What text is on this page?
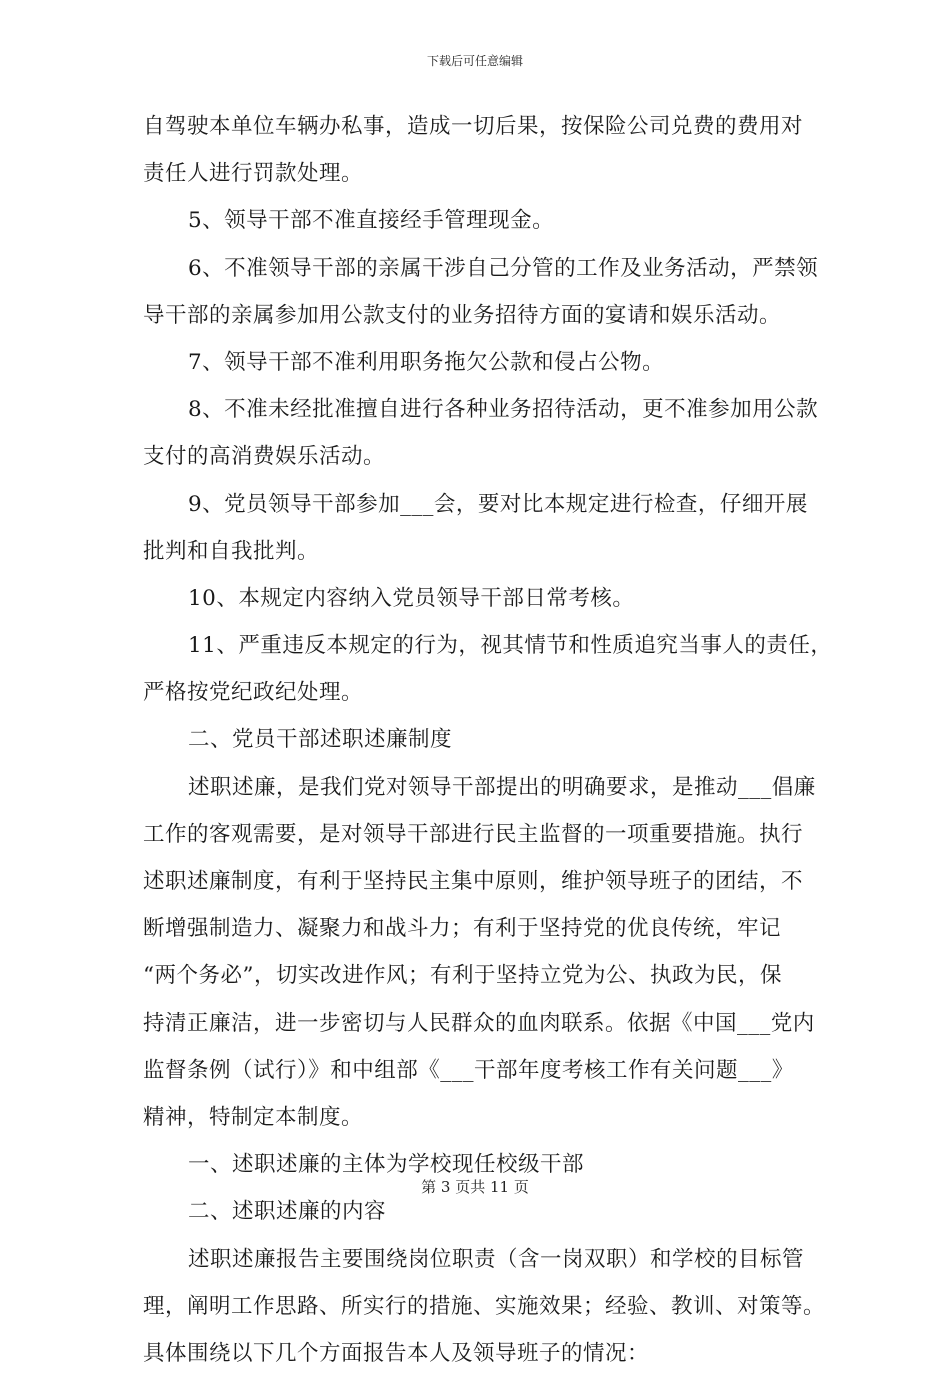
下载后可任意编辑
自驾驶本单位车辆办私事，造成一切后果，按保险公司兑费的费用对
责任人进行罚款处理。
5、领导干部不准直接经手管理现金。
6、不准领导干部的亲属干涉自己分管的工作及业务活动，严禁领
导干部的亲属参加用公款支付的业务招待方面的宴请和娱乐活动。
7、领导干部不准利用职务拖欠公款和侵占公物。
8、不准未经批准擅自进行各种业务招待活动，更不准参加用公款
支付的高消费娱乐活动。
9、党员领导干部参加___会，要对比本规定进行检查，仔细开展
批判和自我批判。
10、本规定内容纳入党员领导干部日常考核。
11、严重违反本规定的行为，视其情节和性质追究当事人的责任，
严格按党纪政纪处理。
二、党员干部述职述廉制度
述职述廉，是我们党对领导干部提出的明确要求，是推动___倡廉
工作的客观需要，是对领导干部进行民主监督的一项重要措施。执行
述职述廉制度，有利于坚持民主集中原则，维护领导班子的团结，不
断增强制造力、凝聚力和战斗力；有利于坚持党的优良传统，牢记
“两个务必”，切实改进作风；有利于坚持立党为公、执政为民，保
持清正廉洁，进一步密切与人民群众的血肉联系。依据《中国___党内
监督条例（试行）》和中组部《___干部年度考核工作有关问题___》
精神，特制定本制度。
一、述职述廉的主体为学校现任校级干部
二、述职述廉的内容
述职述廉报告主要围绕岗位职责（含一岗双职）和学校的目标管
理，阐明工作思路、所实行的措施、实施效果；经验、教训、对策等。
具体围绕以下几个方面报告本人及领导班子的情况：
第 3 页共 11 页
